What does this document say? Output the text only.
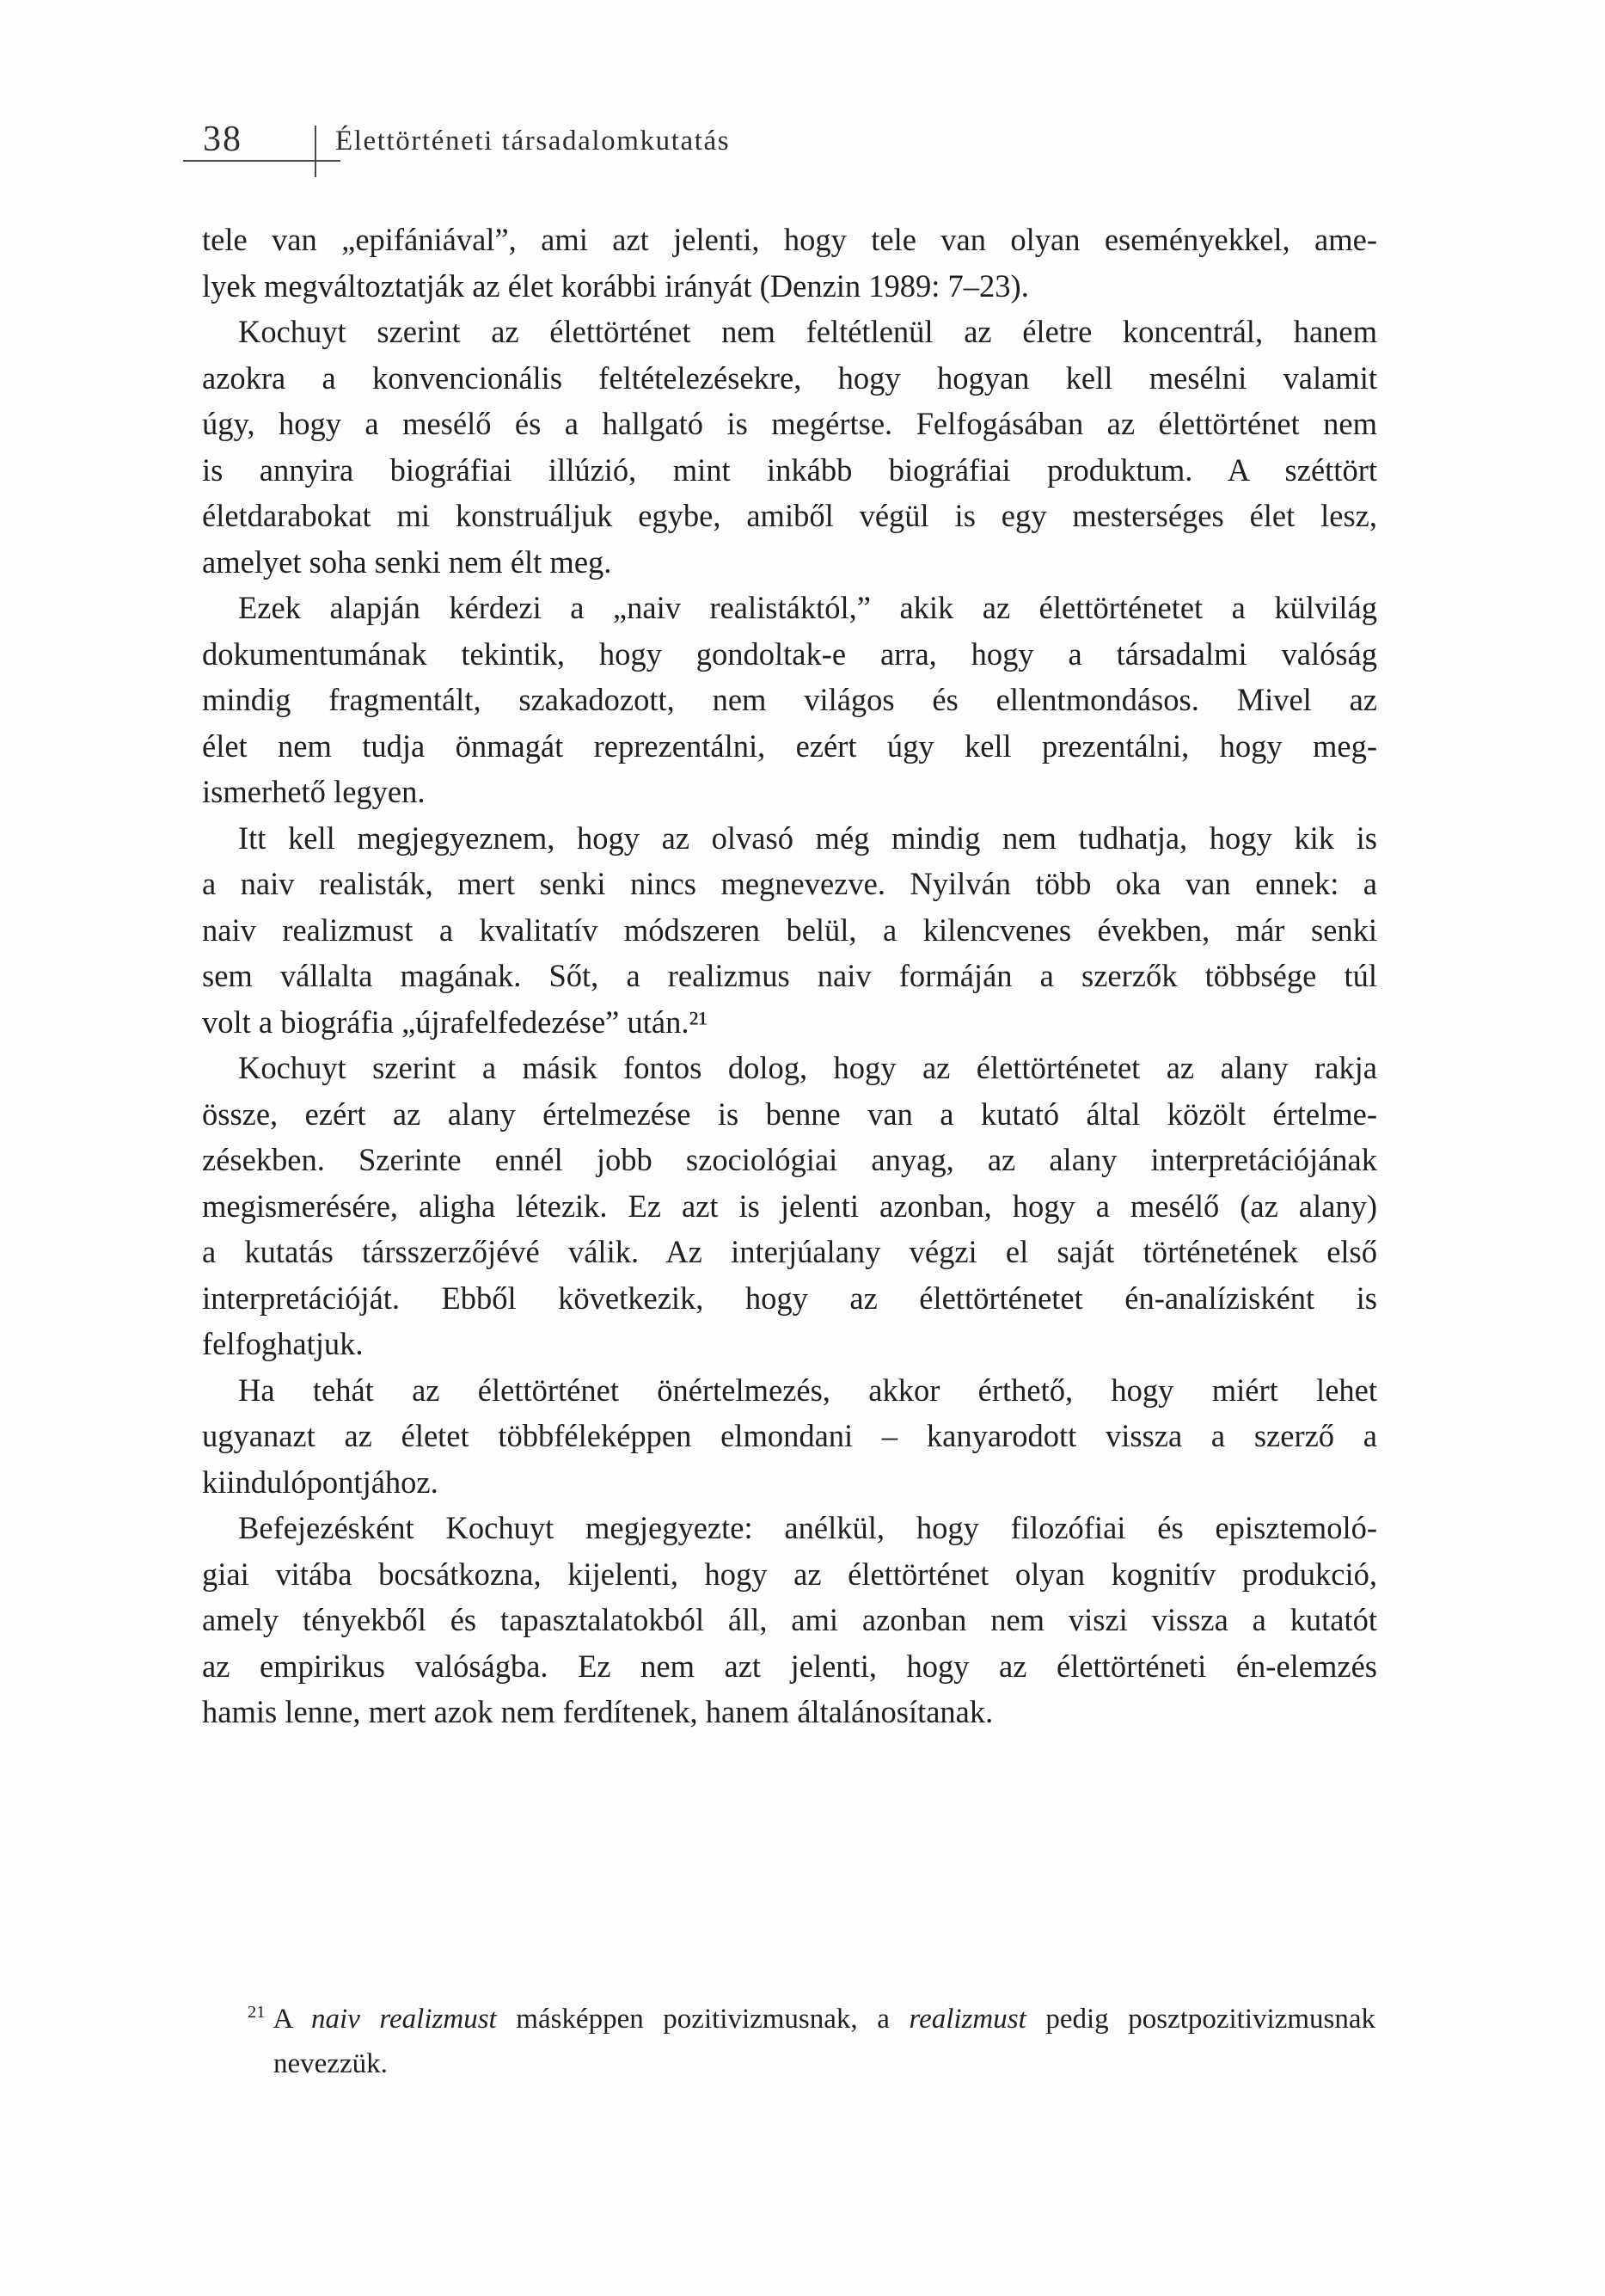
38	Élettörténeti társadalomkutatás
tele van „epifániával”, ami azt jelenti, hogy tele van olyan eseményekkel, ame-
lyek megváltoztatják az élet korábbi irányát (Denzin 1989: 7–23).
Kochuyt szerint az élettörténet nem feltétlenül az életre koncentrál, hanem
azokra a konvencionális feltételezésekre, hogy hogyan kell mesélni valamit
úgy, hogy a mesélő és a hallgató is megértse. Felfogásában az élettörténet nem
is annyira biográfiai illúzió, mint inkább biográfiai produktum. A széttört
életdarabokat mi konstruáljuk egybe, amiből végül is egy mesterséges élet lesz,
amelyet soha senki nem élt meg.
Ezek alapján kérdezi a „naiv realistáktól,” akik az élettörténetet a külvilág
dokumentumának tekintik, hogy gondoltak-e arra, hogy a társadalmi valóság
mindig fragmentált, szakadozott, nem világos és ellentmondásos. Mivel az
élet nem tudja önmagát reprezentálni, ezért úgy kell prezentálni, hogy meg-
ismerhető legyen.
Itt kell megjegyeznem, hogy az olvasó még mindig nem tudhatja, hogy kik is
a naiv realisták, mert senki nincs megnevezve. Nyilván több oka van ennek: a
naiv realizmust a kvalitatív módszeren belül, a kilencvenes években, már senki
sem vállalta magának. Sőt, a realizmus naiv formáján a szerzők többsége túl
volt a biográfia „újrafelfedezése” után.²¹
Kochuyt szerint a másik fontos dolog, hogy az élettörténetet az alany rakja
össze, ezért az alany értelmezése is benne van a kutató által közölt értelme-
zésekben. Szerinte ennél jobb szociológiai anyag, az alany interpretációjának
megismerésére, aligha létezik. Ez azt is jelenti azonban, hogy a mesélő (az alany)
a kutatás társszerzőjévé válik. Az interjúalany végzi el saját történetének első
interpretációját. Ebből következik, hogy az élettörténetet én-analízisként is
felfoghatjuk.
Ha tehát az élettörténet önértelmezés, akkor érthető, hogy miért lehet
ugyanazt az életet többféleképpen elmondani – kanyarodott vissza a szerző a
kiindulópontjához.
Befejezésként Kochuyt megjegyezte: anélkül, hogy filozófiai és episztemoló-
giai vitába bocsátkozna, kijelenti, hogy az élettörténet olyan kognitív produkció,
amely tényekből és tapasztalatokból áll, ami azonban nem viszi vissza a kutatót
az empirikus valóságba. Ez nem azt jelenti, hogy az élettörténeti én-elemzés
hamis lenne, mert azok nem ferdítenek, hanem általánosítanak.
$^{21}$ A naiv realizmust másképpen pozitivizmusnak, a realizmust pedig posztpozitivizmusnak
nevezzük.
